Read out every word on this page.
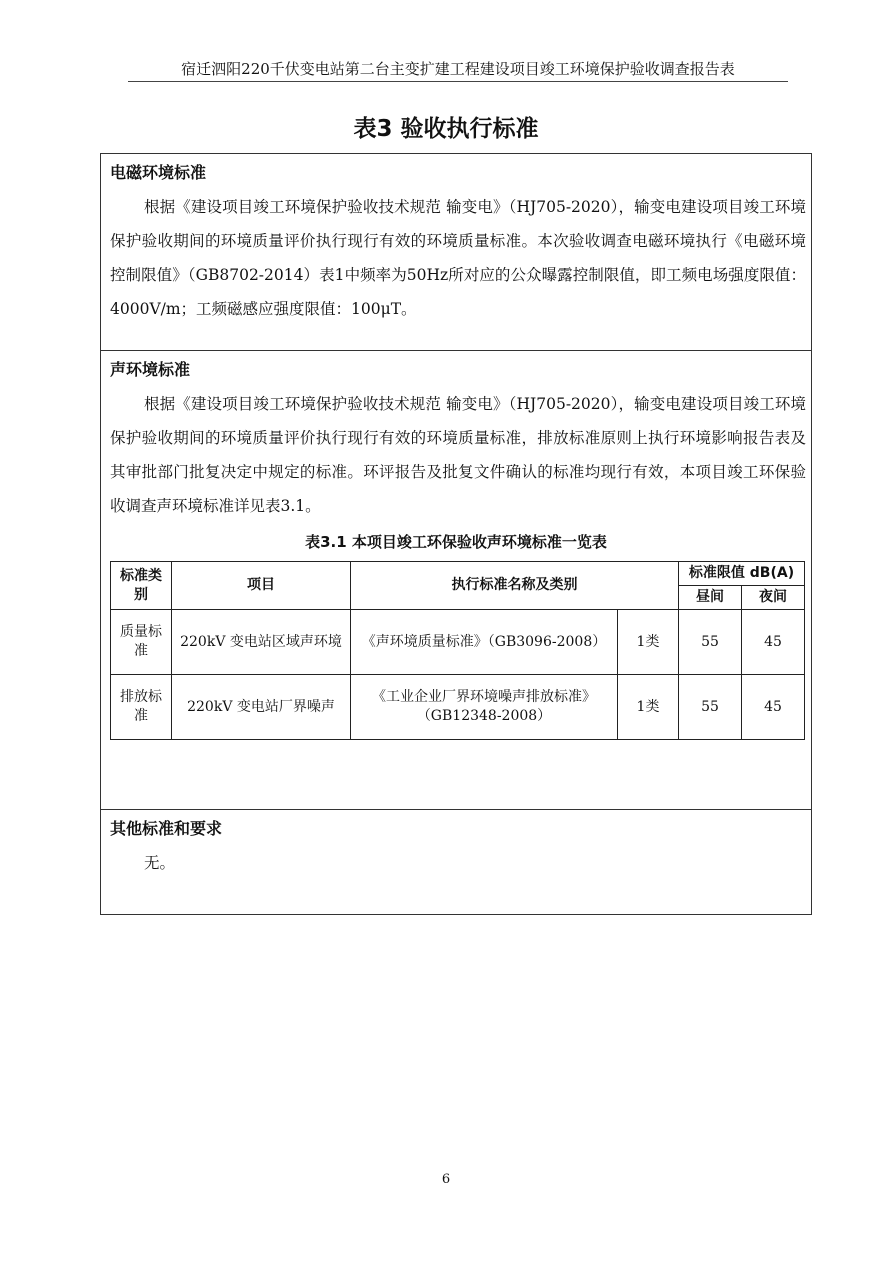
宿迁泗阳220千伏变电站第二台主变扩建工程建设项目竣工环境保护验收调查报告表
表3 验收执行标准
电磁环境标准

根据《建设项目竣工环境保护验收技术规范 输变电》（HJ705-2020），输变电建设项目竣工环境保护验收期间的环境质量评价执行现行有效的环境质量标准。本次验收调查电磁环境执行《电磁环境控制限值》（GB8702-2014）表1中频率为50Hz所对应的公众曝露控制限值，即工频电场强度限值：4000V/m；工频磁感应强度限值：100μT。

声环境标准

根据《建设项目竣工环境保护验收技术规范 输变电》（HJ705-2020），输变电建设项目竣工环境保护验收期间的环境质量评价执行现行有效的环境质量标准，排放标准原则上执行环境影响报告表及其审批部门批复决定中规定的标准。环评报告及批复文件确认的标准均现行有效，本项目竣工环保验收调查声环境标准详见表3.1。

表3.1 本项目竣工环保验收声环境标准一览表
标准类别	项目	执行标准名称及类别		标准限值 dB(A)	
				昼间	夜间
质量标准	220kV 变电站区域声环境	《声环境质量标准》（GB3096-2008）	1类	55	45
排放标准	220kV 变电站厂界噪声	《工业企业厂界环境噪声排放标准》（GB12348-2008）	1类	55	45
其他标准和要求

无。

6
